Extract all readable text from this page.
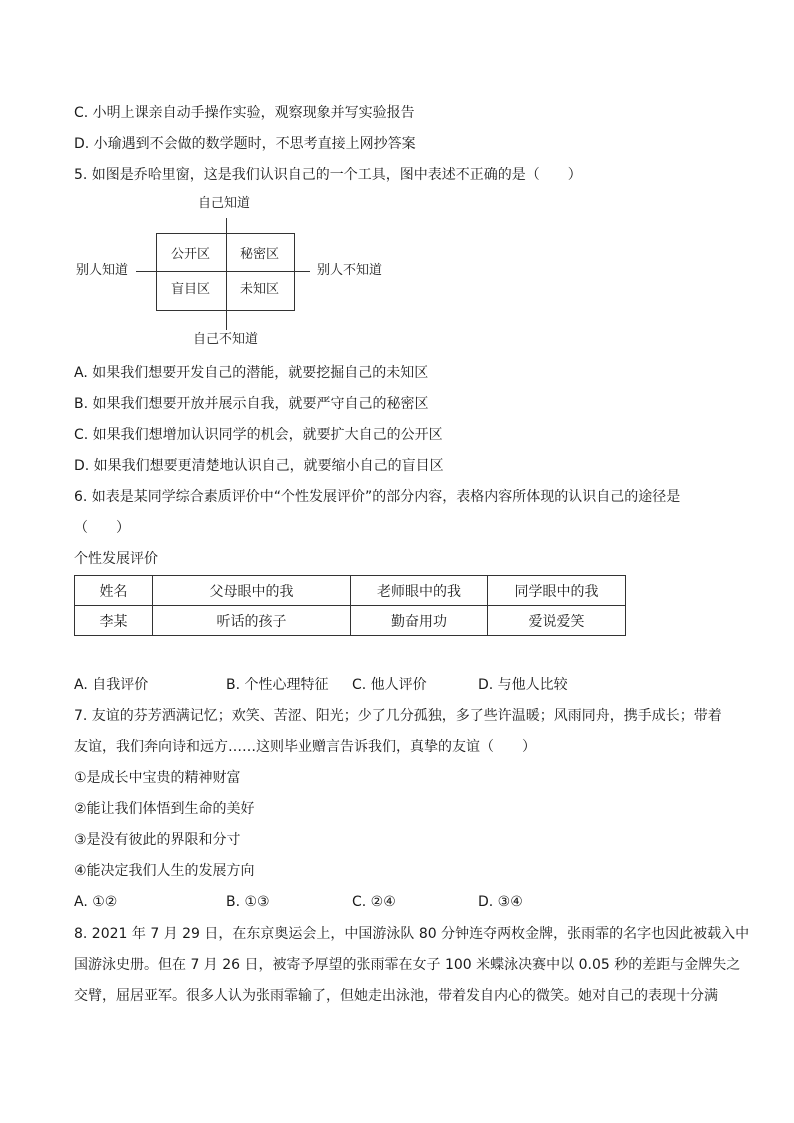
C. 小明上课亲自动手操作实验，观察现象并写实验报告
D. 小瑜遇到不会做的数学题时，不思考直接上网抄答案
5. 如图是乔哈里窗，这是我们认识自己的一个工具，图中表述不正确的是（　　）
自己知道
别人知道	别人不知道
公开区 秘密区
盲目区 未知区
自己不知道
A. 如果我们想要开发自己的潜能，就要挖掘自己的未知区
B. 如果我们想要开放并展示自我，就要严守自己的秘密区
C. 如果我们想增加认识同学的机会，就要扩大自己的公开区
D. 如果我们想要更清楚地认识自己，就要缩小自己的盲目区
6. 如表是某同学综合素质评价中“个性发展评价”的部分内容，表格内容所体现的认识自己的途径是
（　　）
个性发展评价
姓名	父母眼中的我	老师眼中的我	同学眼中的我
李某	听话的孩子	勤奋用功	爱说爱笑
A. 自我评价	B. 个性心理特征 C. 他人评价	D. 与他人比较
7. 友谊的芬芳洒满记忆；欢笑、苦涩、阳光；少了几分孤独，多了些许温暖；风雨同舟，携手成长；带着
友谊，我们奔向诗和远方……这则毕业赠言告诉我们，真挚的友谊（　　）
①是成长中宝贵的精神财富
②能让我们体悟到生命的美好
③是没有彼此的界限和分寸
④能决定我们人生的发展方向
A. ①②	B. ①③	C. ②④	D. ③④
8. 2021 年 7 月 29 日，在东京奥运会上，中国游泳队 80 分钟连夺两枚金牌，张雨霏的名字也因此被载入中
国游泳史册。但在 7 月 26 日，被寄予厚望的张雨霏在女子 100 米蝶泳决赛中以 0.05 秒的差距与金牌失之
交臂，屈居亚军。很多人认为张雨霏输了，但她走出泳池，带着发自内心的微笑。她对自己的表现十分满
